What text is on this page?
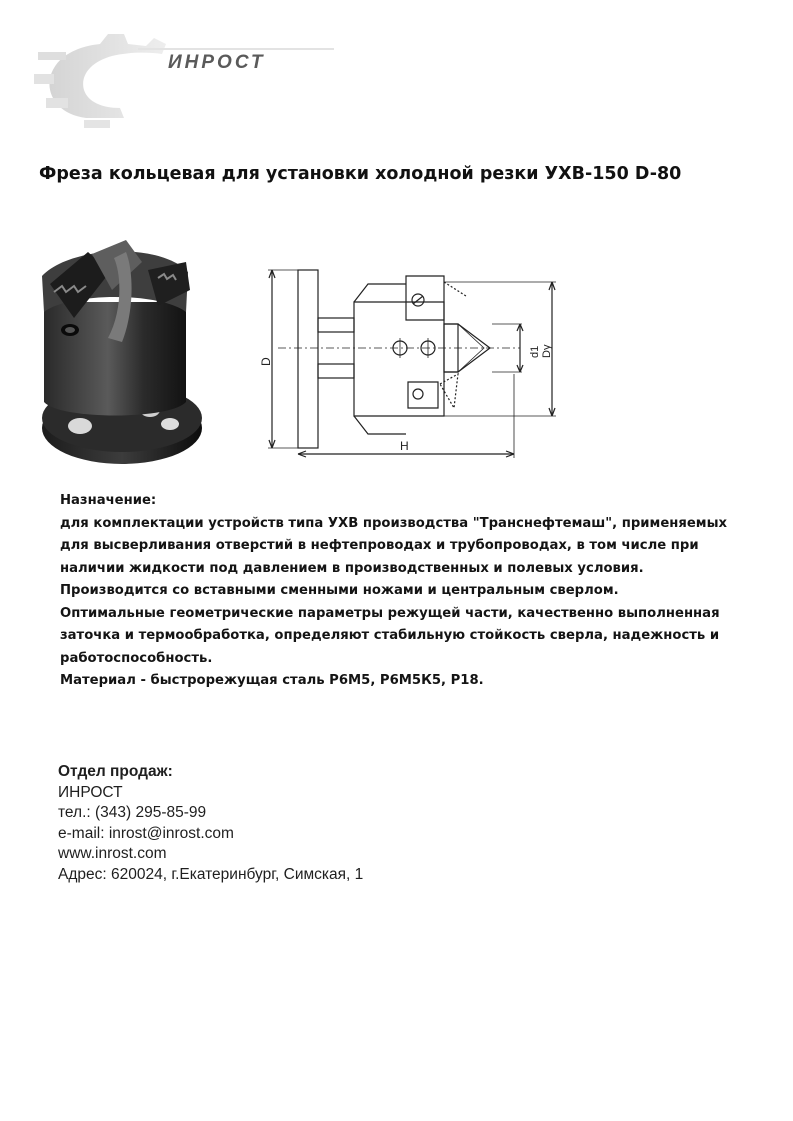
ИНРОСТ
Фреза кольцевая для установки холодной резки УХВ-150 D-80
D
H
d1 Dy

Назначение:

для комплектации устройств типа УХВ производства "Транснефтемаш", применяемых для высверливания отверстий в нефтепроводах и трубопроводах, в том числе при наличии жидкости под давлением в производственных и полевых условия.

Производится со вставными сменными ножами и центральным сверлом.

Оптимальные геометрические параметры режущей части, качественно выполненная заточка и термообработка, определяют стабильную стойкость сверла, надежность и работоспособность.

Материал - быстрорежущая сталь Р6М5, Р6М5К5, Р18.

Отдел продаж:
ИНРОСТ
тел.: (343) 295-85-99
e-mail: inrost@inrost.com
www.inrost.com
Адрес: 620024, г.Екатеринбург, Симская, 1
